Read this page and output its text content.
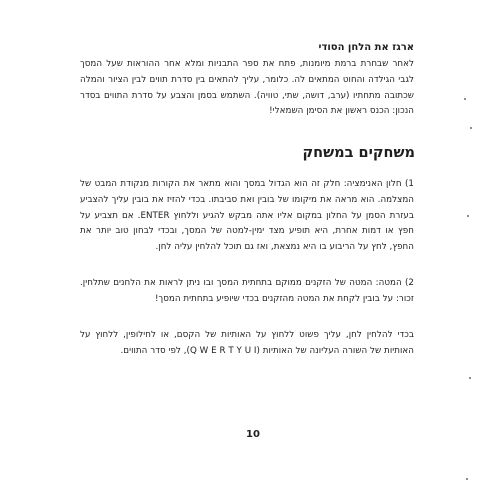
ארגז את הלחן הסודי
לאחר שבחרת ברמת מיומנות, פתח את ספר התבניות ומלא אחר ההוראות שעל המסך לגבי הגילדה והחוט המתאים לה. כלומר, עליך להתאים בין סדרת תווים לבין הציור והמלה שכתובה מתחתיו (ערב, דושה, שתי, טוויה). השתמש בסמן והצבע על סדרת התווים בסדר הנכון: הכנס ראשון את הסימן השמאלי!
משחקים במשחק
1) חלון האנימציה: חלק זה הוא הגדול במסך והוא מתאר את הקורות מנקודת המבט של המצלמה. הוא מראה את מיקומו של בובין ואת סביבתו. בכדי להזיז את בובין עליך להצביע בעזרת הסמן על החלון במקום אליו אתה מבקש להגיע וללחוץ ENTER. אם תצביע על חפץ או דמות אחרת, היא תופיע מצד ימין-למטה של המסך, ובכדי לבחון טוב יותר את החפץ, לחץ על הריבוע בו היא נמצאת, ואז גם תוכל להלחין עליה לחן.
2) המטה: המטה של הזקנים ממוקם בתחתית המסך ובו ניתן לראות את הלחנים שתלחין. זכור: על בובין לקחת את המטה מהזקנים בכדי שיופיע בתחתית המסך!
בכדי להלחין לחן, עליך פשוט ללחוץ על האותיות של הקסם, או לחילופין, ללחוץ על האותיות של השורה העליונה של האותיות (Q W E R T Y U I), לפי סדר התווים.
10
